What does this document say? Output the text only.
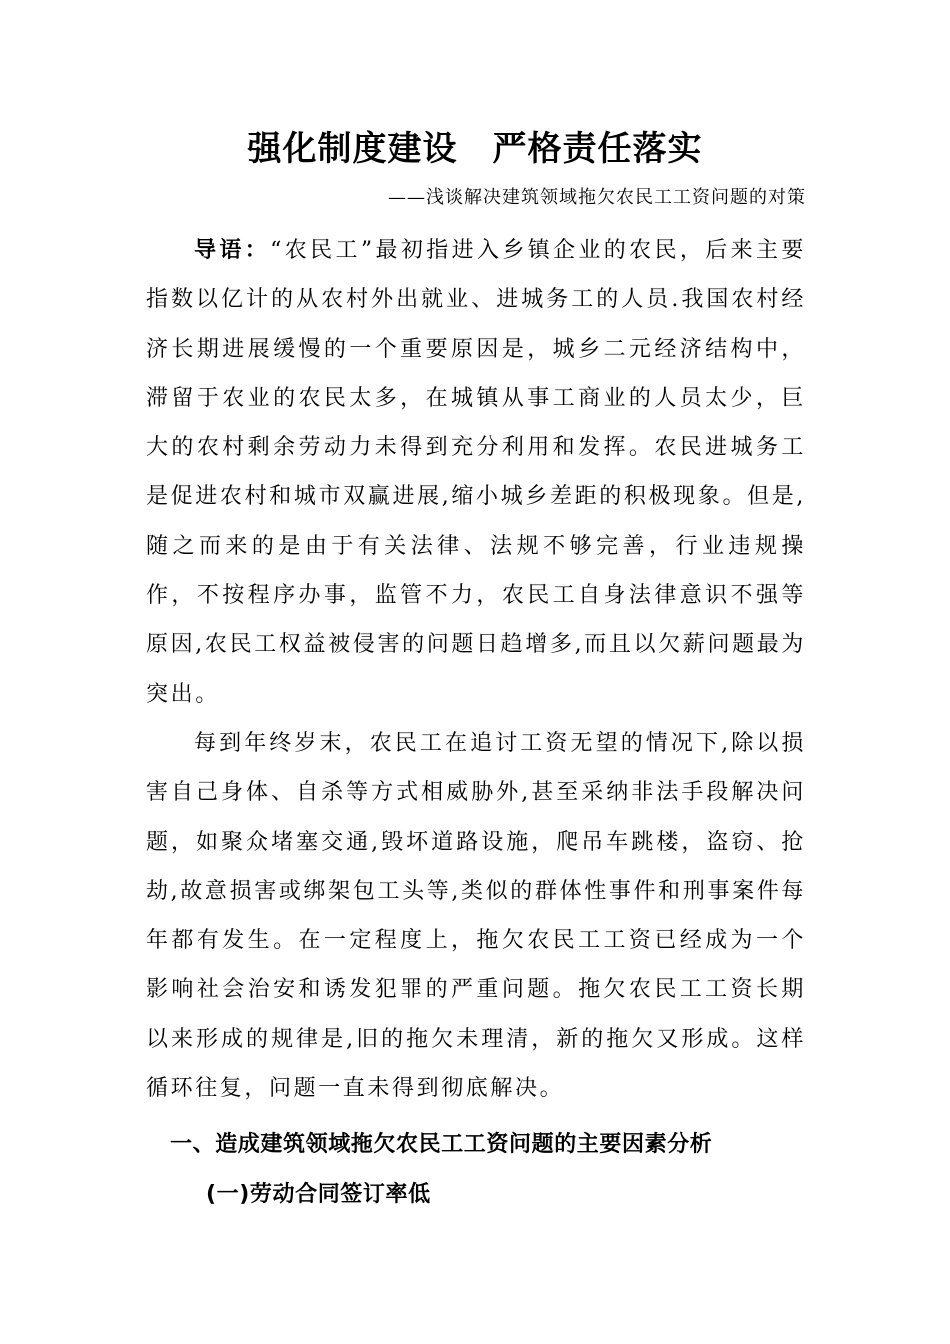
强化制度建设　严格责任落实
——浅谈解决建筑领域拖欠农民工工资问题的对策

导语：“农民工”最初指进入乡镇企业的农民，后来主要指数以亿计的从农村外出就业、进城务工的人员.我国农村经济长期进展缓慢的一个重要原因是，城乡二元经济结构中，滞留于农业的农民太多，在城镇从事工商业的人员太少，巨大的农村剩余劳动力未得到充分利用和发挥。农民进城务工是促进农村和城市双赢进展,缩小城乡差距的积极现象。但是,随之而来的是由于有关法律、法规不够完善，行业违规操作，不按程序办事，监管不力，农民工自身法律意识不强等原因,农民工权益被侵害的问题日趋增多,而且以欠薪问题最为突出。

每到年终岁末，农民工在追讨工资无望的情况下,除以损害自己身体、自杀等方式相威胁外,甚至采纳非法手段解决问题，如聚众堵塞交通,毁坏道路设施，爬吊车跳楼，盗窃、抢劫,故意损害或绑架包工头等,类似的群体性事件和刑事案件每年都有发生。在一定程度上，拖欠农民工工资已经成为一个影响社会治安和诱发犯罪的严重问题。拖欠农民工工资长期以来形成的规律是,旧的拖欠未理清，新的拖欠又形成。这样循环往复，问题一直未得到彻底解决。

一、造成建筑领域拖欠农民工工资问题的主要因素分析
(一)劳动合同签订率低
